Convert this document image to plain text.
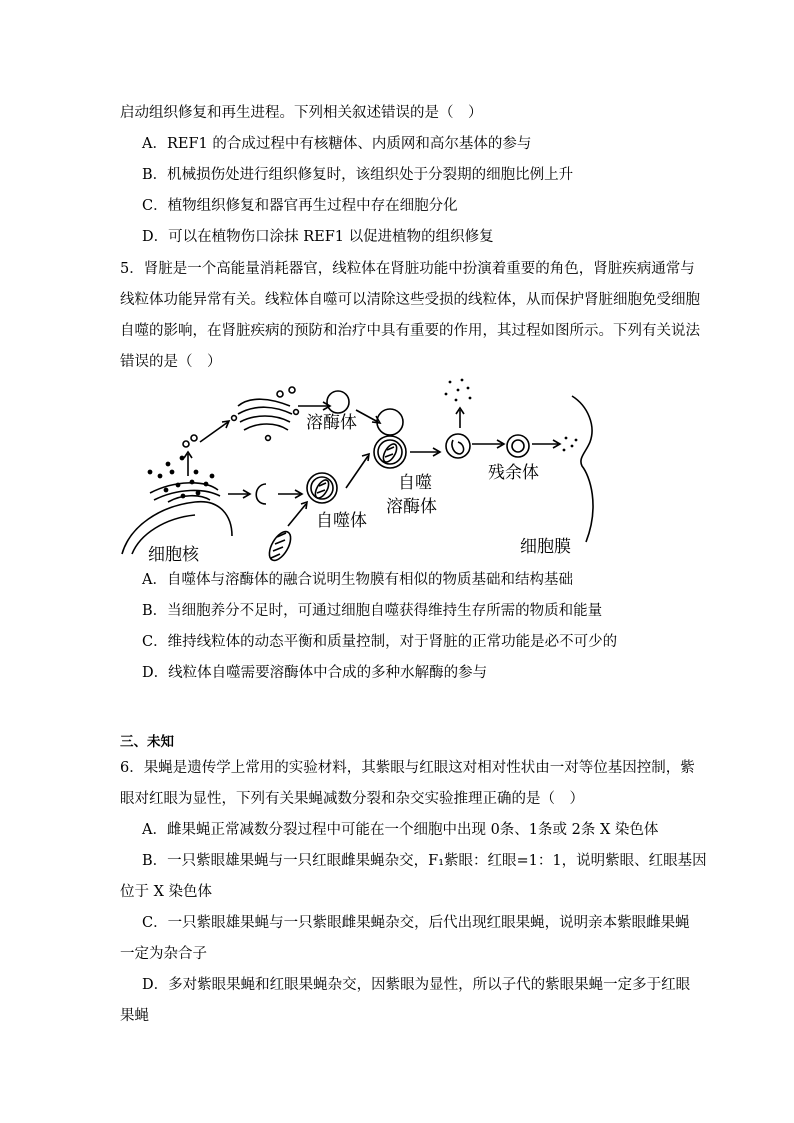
启动组织修复和再生进程。下列相关叙述错误的是（　）
A．REF1 的合成过程中有核糖体、内质网和高尔基体的参与
B．机械损伤处进行组织修复时，该组织处于分裂期的细胞比例上升
C．植物组织修复和器官再生过程中存在细胞分化
D．可以在植物伤口涂抹 REF1 以促进植物的组织修复
5．肾脏是一个高能量消耗器官，线粒体在肾脏功能中扮演着重要的角色，肾脏疾病通常与
线粒体功能异常有关。线粒体自噬可以清除这些受损的线粒体，从而保护肾脏细胞免受细胞
自噬的影响，在肾脏疾病的预防和治疗中具有重要的作用，其过程如图所示。下列有关说法
错误的是（　）
溶酶体
自噬体
自噬
溶酶体
残余体
细胞核	细胞膜
A．自噬体与溶酶体的融合说明生物膜有相似的物质基础和结构基础
B．当细胞养分不足时，可通过细胞自噬获得维持生存所需的物质和能量
C．维持线粒体的动态平衡和质量控制，对于肾脏的正常功能是必不可少的
D．线粒体自噬需要溶酶体中合成的多种水解酶的参与
三、未知
6．果蝇是遗传学上常用的实验材料，其紫眼与红眼这对相对性状由一对等位基因控制，紫
眼对红眼为显性，下列有关果蝇减数分裂和杂交实验推理正确的是（　）
A．雌果蝇正常减数分裂过程中可能在一个细胞中出现 0条、1条或 2条 X 染色体
B．一只紫眼雄果蝇与一只红眼雌果蝇杂交，F₁紫眼：红眼=1：1，说明紫眼、红眼基因
位于 X 染色体
C．一只紫眼雄果蝇与一只紫眼雌果蝇杂交，后代出现红眼果蝇，说明亲本紫眼雌果蝇
一定为杂合子
D．多对紫眼果蝇和红眼果蝇杂交，因紫眼为显性，所以子代的紫眼果蝇一定多于红眼
果蝇
